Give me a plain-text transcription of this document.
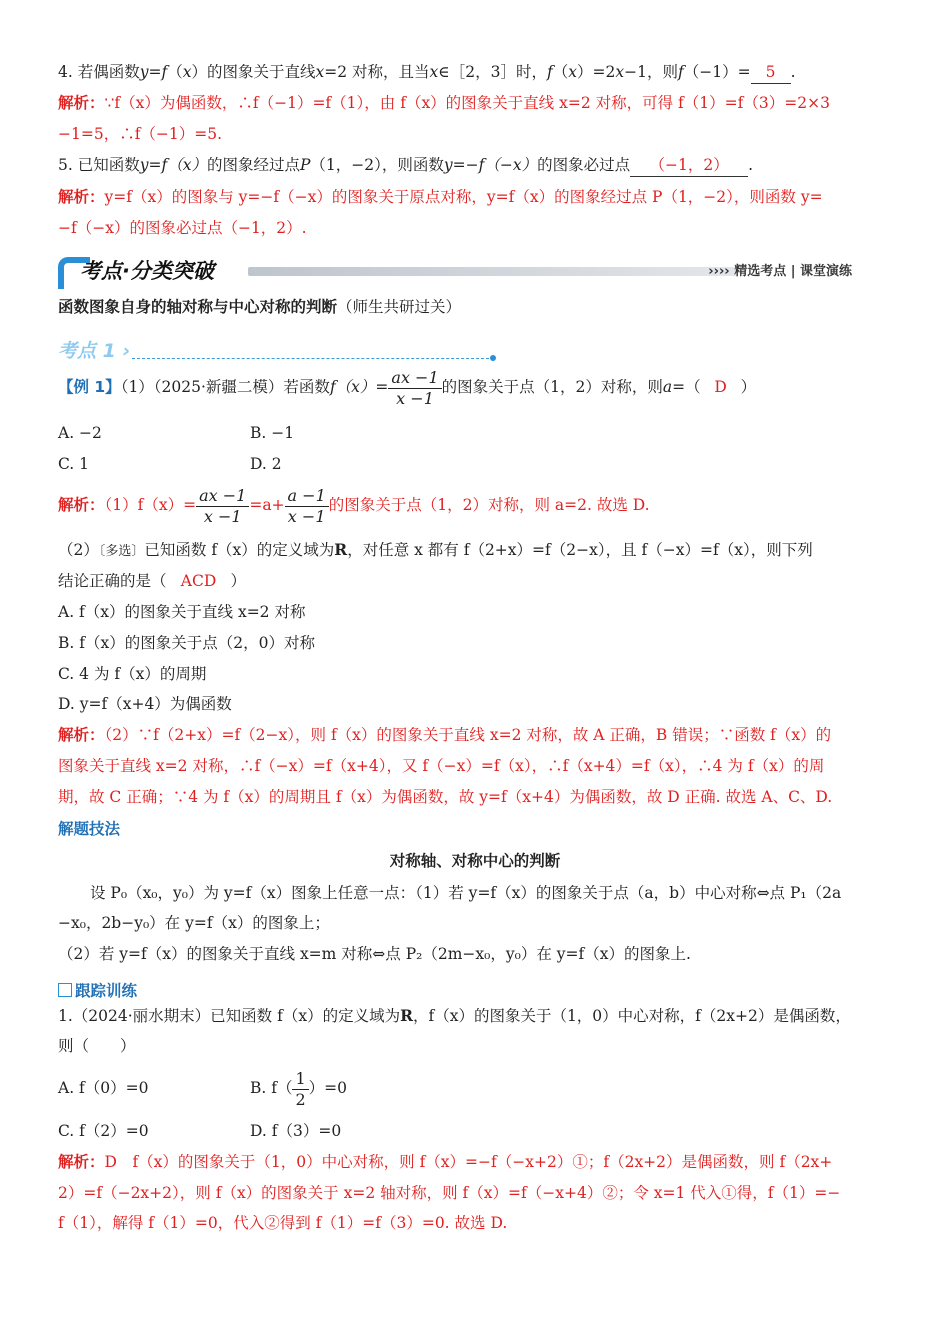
4. 若偶函数y=f（x）的图象关于直线x=2 对称，且当x∈［2，3］时，f（x）=2x−1，则f（−1）= 5 .
解析：∵f（x）为偶函数，∴f（−1）=f（1），由 f（x）的图象关于直线 x=2 对称，可得 f（1）=f（3）=2×3
−1=5，∴f（−1）=5.
5. 已知函数y=f（x）的图象经过点P（1，−2），则函数y=−f（−x）的图象必过点 （−1，2） .
解析：y=f（x）的图象与 y=−f（−x）的图象关于原点对称，y=f（x）的图象经过点 P（1，−2），则函数 y=
−f（−x）的图象必过点（−1，2）.
考点·分类突破	›››› 精选考点 | 课堂演练
函数图象自身的轴对称与中心对称的判断（师生共研过关）
考点 1 ›
【例 1】（1）（2025·新疆二模）若函数$f(x)= \frac{ax -1}{x -1}$ 的图象关于点（1，2）对称，则a=（ D ）
A. −2	B. −1
C. 1	D. 2
解析：$(1)f(x)= \frac{ax -1}{x -1} =a+ \frac{a -1}{x -1}$ 的图象关于点（1，2）对称，则 a=2. 故选 D.
（2）〔多选〕已知函数 f（x）的定义域为R，对任意 x 都有 f（2+x）=f（2−x），且 f（−x）=f（x），则下列
结论正确的是（ ACD ）
A. f（x）的图象关于直线 x=2 对称
B. f（x）的图象关于点（2，0）对称
C. 4 为 f（x）的周期
D. y=f（x+4）为偶函数
解析：（2）∵f（2+x）=f（2−x），则 f（x）的图象关于直线 x=2 对称，故 A 正确，B 错误；∵函数 f（x）的
图象关于直线 x=2 对称，∴f（−x）=f（x+4），又 f（−x）=f（x），∴f（x+4）=f（x），∴4 为 f（x）的周
期，故 C 正确；∵4 为 f（x）的周期且 f（x）为偶函数，故 y=f（x+4）为偶函数，故 D 正确. 故选 A、C、D.
解题技法
对称轴、对称中心的判断
设 P₀（x₀，y₀）为 y=f（x）图象上任意一点：（1）若 y=f（x）的图象关于点（a，b）中心对称⇔点 P₁（2a
−x₀，2b−y₀）在 y=f（x）的图象上；
（2）若 y=f（x）的图象关于直线 x=m 对称⇔点 P₂（2m−x₀，y₀）在 y=f（x）的图象上.
跟踪训练
1.（2024·丽水期末）已知函数 f（x）的定义域为R，f（x）的图象关于（1，0）中心对称，f（2x+2）是偶函数，
则（　　）
A. f（0）=0	B. $f( \frac{1}{2} )=0$
C. f（2）=0	D. f（3）=0
解析：D　f（x）的图象关于（1，0）中心对称，则 f（x）=−f（−x+2）①；f（2x+2）是偶函数，则 f（2x+
2）=f（−2x+2），则 f（x）的图象关于 x=2 轴对称，则 f（x）=f（−x+4）②；令 x=1 代入①得，f（1）=−
f（1），解得 f（1）=0，代入②得到 f（1）=f（3）=0. 故选 D.
